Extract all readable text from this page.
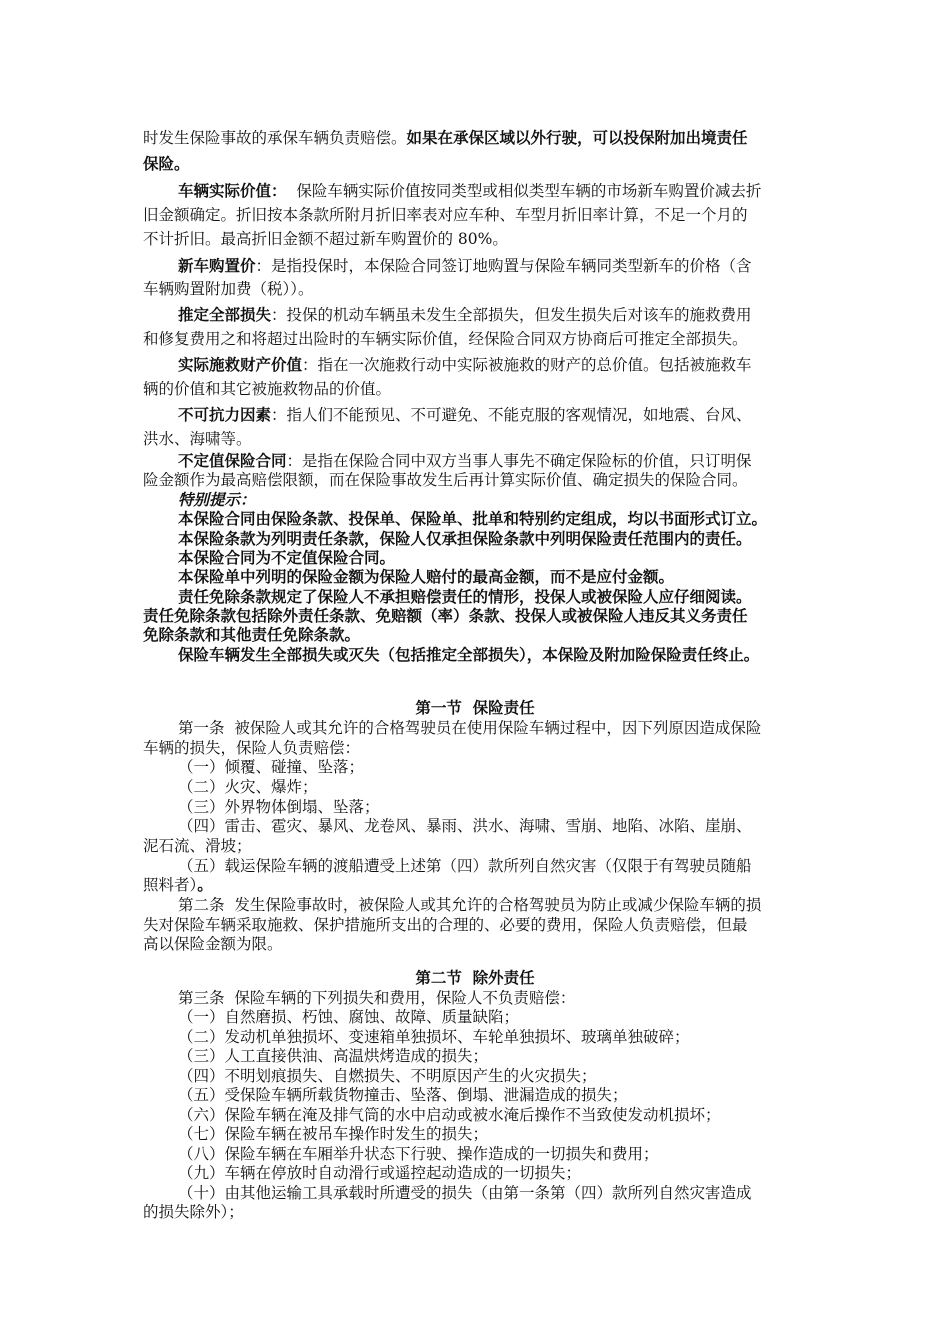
时发生保险事故的承保车辆负责赔偿。如果在承保区域以外行驶，可以投保附加出境责任

保险。

车辆实际价值：  保险车辆实际价值按同类型或相似类型车辆的市场新车购置价减去折

旧金额确定。折旧按本条款所附月折旧率表对应车种、车型月折旧率计算，不足一个月的

不计折旧。最高折旧金额不超过新车购置价的 80%。

新车购置价：是指投保时，本保险合同签订地购置与保险车辆同类型新车的价格（含

车辆购置附加费（税））。

推定全部损失：投保的机动车辆虽未发生全部损失，但发生损失后对该车的施救费用

和修复费用之和将超过出险时的车辆实际价值，经保险合同双方协商后可推定全部损失。

实际施救财产价值：指在一次施救行动中实际被施救的财产的总价值。包括被施救车

辆的价值和其它被施救物品的价值。

不可抗力因素：指人们不能预见、不可避免、不能克服的客观情况，如地震、台风、

洪水、海啸等。

不定值保险合同：是指在保险合同中双方当事人事先不确定保险标的价值，只订明保

险金额作为最高赔偿限额，而在保险事故发生后再计算实际价值、确定损失的保险合同。

特别提示：

本保险合同由保险条款、投保单、保险单、批单和特别约定组成，均以书面形式订立。

本保险条款为列明责任条款，保险人仅承担保险条款中列明保险责任范围内的责任。

本保险合同为不定值保险合同。

本保险单中列明的保险金额为保险人赔付的最高金额，而不是应付金额。

责任免除条款规定了保险人不承担赔偿责任的情形，投保人或被保险人应仔细阅读。

责任免除条款包括除外责任条款、免赔额（率）条款、投保人或被保险人违反其义务责任

免除条款和其他责任免除条款。

保险车辆发生全部损失或灭失（包括推定全部损失），本保险及附加险保险责任终止。

第一节  保险责任

第一条  被保险人或其允许的合格驾驶员在使用保险车辆过程中，因下列原因造成保险

车辆的损失，保险人负责赔偿：

（一）倾覆、碰撞、坠落；

（二）火灾、爆炸；

（三）外界物体倒塌、坠落；

（四）雷击、雹灾、暴风、龙卷风、暴雨、洪水、海啸、雪崩、地陷、冰陷、崖崩、

泥石流、滑坡；

（五）载运保险车辆的渡船遭受上述第（四）款所列自然灾害（仅限于有驾驶员随船

照料者）。

第二条  发生保险事故时，被保险人或其允许的合格驾驶员为防止或减少保险车辆的损

失对保险车辆采取施救、保护措施所支出的合理的、必要的费用，保险人负责赔偿，但最

高以保险金额为限。

第二节  除外责任

第三条  保险车辆的下列损失和费用，保险人不负责赔偿：

（一）自然磨损、朽蚀、腐蚀、故障、质量缺陷；

（二）发动机单独损坏、变速箱单独损坏、车轮单独损坏、玻璃单独破碎；

（三）人工直接供油、高温烘烤造成的损失；

（四）不明划痕损失、自燃损失、不明原因产生的火灾损失；

（五）受保险车辆所载货物撞击、坠落、倒塌、泄漏造成的损失；

（六）保险车辆在淹及排气筒的水中启动或被水淹后操作不当致使发动机损坏；

（七）保险车辆在被吊车操作时发生的损失；

（八）保险车辆在车厢举升状态下行驶、操作造成的一切损失和费用；

（九）车辆在停放时自动滑行或遥控起动造成的一切损失；

（十）由其他运输工具承载时所遭受的损失（由第一条第（四）款所列自然灾害造成

的损失除外）；
